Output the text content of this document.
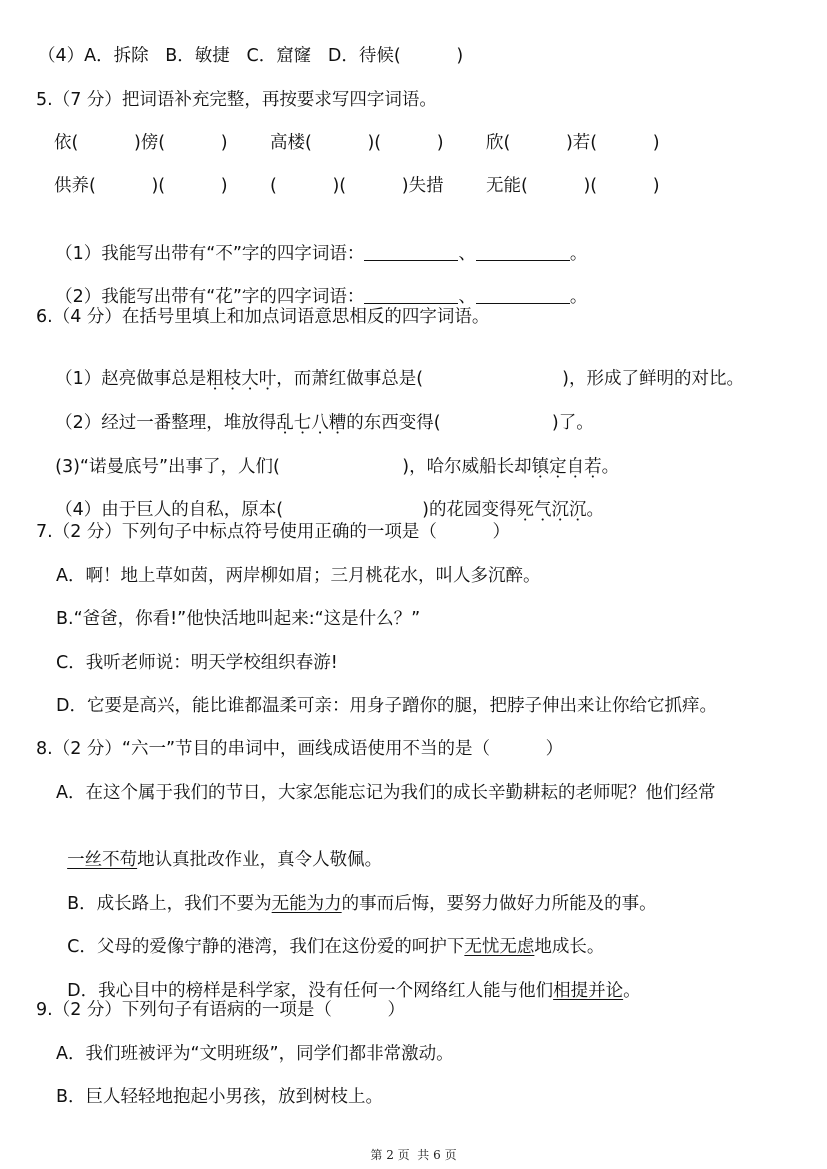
（4）A．拆除   B．敏捷   C．窟窿   D．待候(          )
5.（7 分）把词语补充完整，再按要求写四字词语。
依(          )傍(          ) 高楼(          )(          ) 欣(          )若(          )
供养(          )(          ) (          )(          )失措 无能(          )(          )

（1）我能写出带有“不”字的四字词语：	、	。

（2）我能写出带有“花”字的四字词语：	、	。

6.（4 分）在括号里填上和加点词语意思相反的四字词语。

（1）赵亮做事总是粗枝大叶，而萧红做事总是(                         )，形成了鲜明的对比。

（2）经过一番整理，堆放得乱七八糟的东西变得(                    )了。

(3)“诺曼底号”出事了，人们(                      )，哈尔威船长却镇定自若。

（4）由于巨人的自私，原本(                         )的花园变得死气沉沉。

7.（2 分）下列句子中标点符号使用正确的一项是（          ）
A．啊！地上草如茵，两岸柳如眉；三月桃花水，叫人多沉醉。
B.“爸爸，你看!”他快活地叫起来:“这是什么？”
C．我听老师说：明天学校组织春游!
D．它要是高兴，能比谁都温柔可亲：用身子蹭你的腿，把脖子伸出来让你给它抓痒。
8.（2 分）“六一”节目的串词中，画线成语使用不当的是（          ）
A．在这个属于我们的节日，大家怎能忘记为我们的成长辛勤耕耘的老师呢？他们经常

一丝不苟地认真批改作业，真令人敬佩。

B．成长路上，我们不要为无能为力的事而后悔，要努力做好力所能及的事。

C．父母的爱像宁静的港湾，我们在这份爱的呵护下无忧无虑地成长。

D．我心目中的榜样是科学家，没有任何一个网络红人能与他们相提并论。

9.（2 分）下列句子有语病的一项是（          ）
A．我们班被评为“文明班级”，同学们都非常激动。
B．巨人轻轻地抱起小男孩，放到树枝上。
第 2 页  共 6 页
